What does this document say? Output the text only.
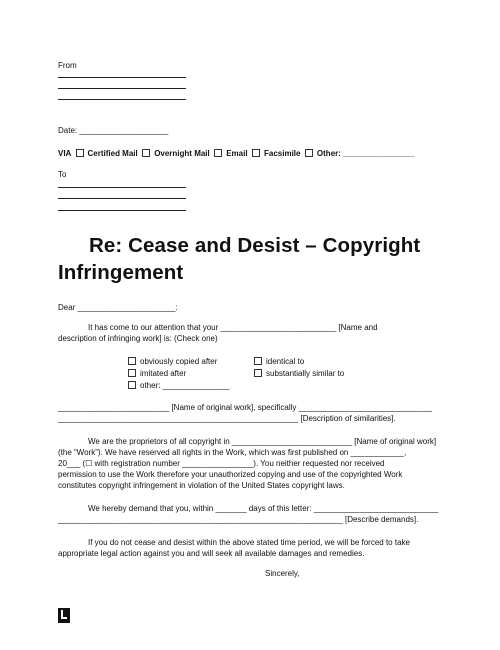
From
Date: ____________________
VIA Certified Mail Overnight Mail Email Facsimile Other: ________________
To
Re: Cease and Desist – Copyright
Infringement
Dear ______________________:
It has come to our attention that your __________________________ [Name and
description of infringing work] is: (Check one)
obviously copied after	identical to
imitated after	substantially similar to
other: _______________
_________________________ [Name of original work], specifically ______________________________
______________________________________________________ [Description of similarities].
We are the proprietors of all copyright in ___________________________ [Name of original work]
(the “Work”). We have reserved all rights in the Work, which was first published on ____________,
20___ (☐ with registration number ________________). You neither requested nor received
permission to use the Work therefore your unauthorized copying and use of the copyrighted Work
constitutes copyright infringement in violation of the United States copyright laws.
We hereby demand that you, within _______ days of this letter: ____________________________
________________________________________________________________ [Describe demands].
If you do not cease and desist within the above stated time period, we will be forced to take
appropriate legal action against you and will seek all available damages and remedies.
Sincerely,
